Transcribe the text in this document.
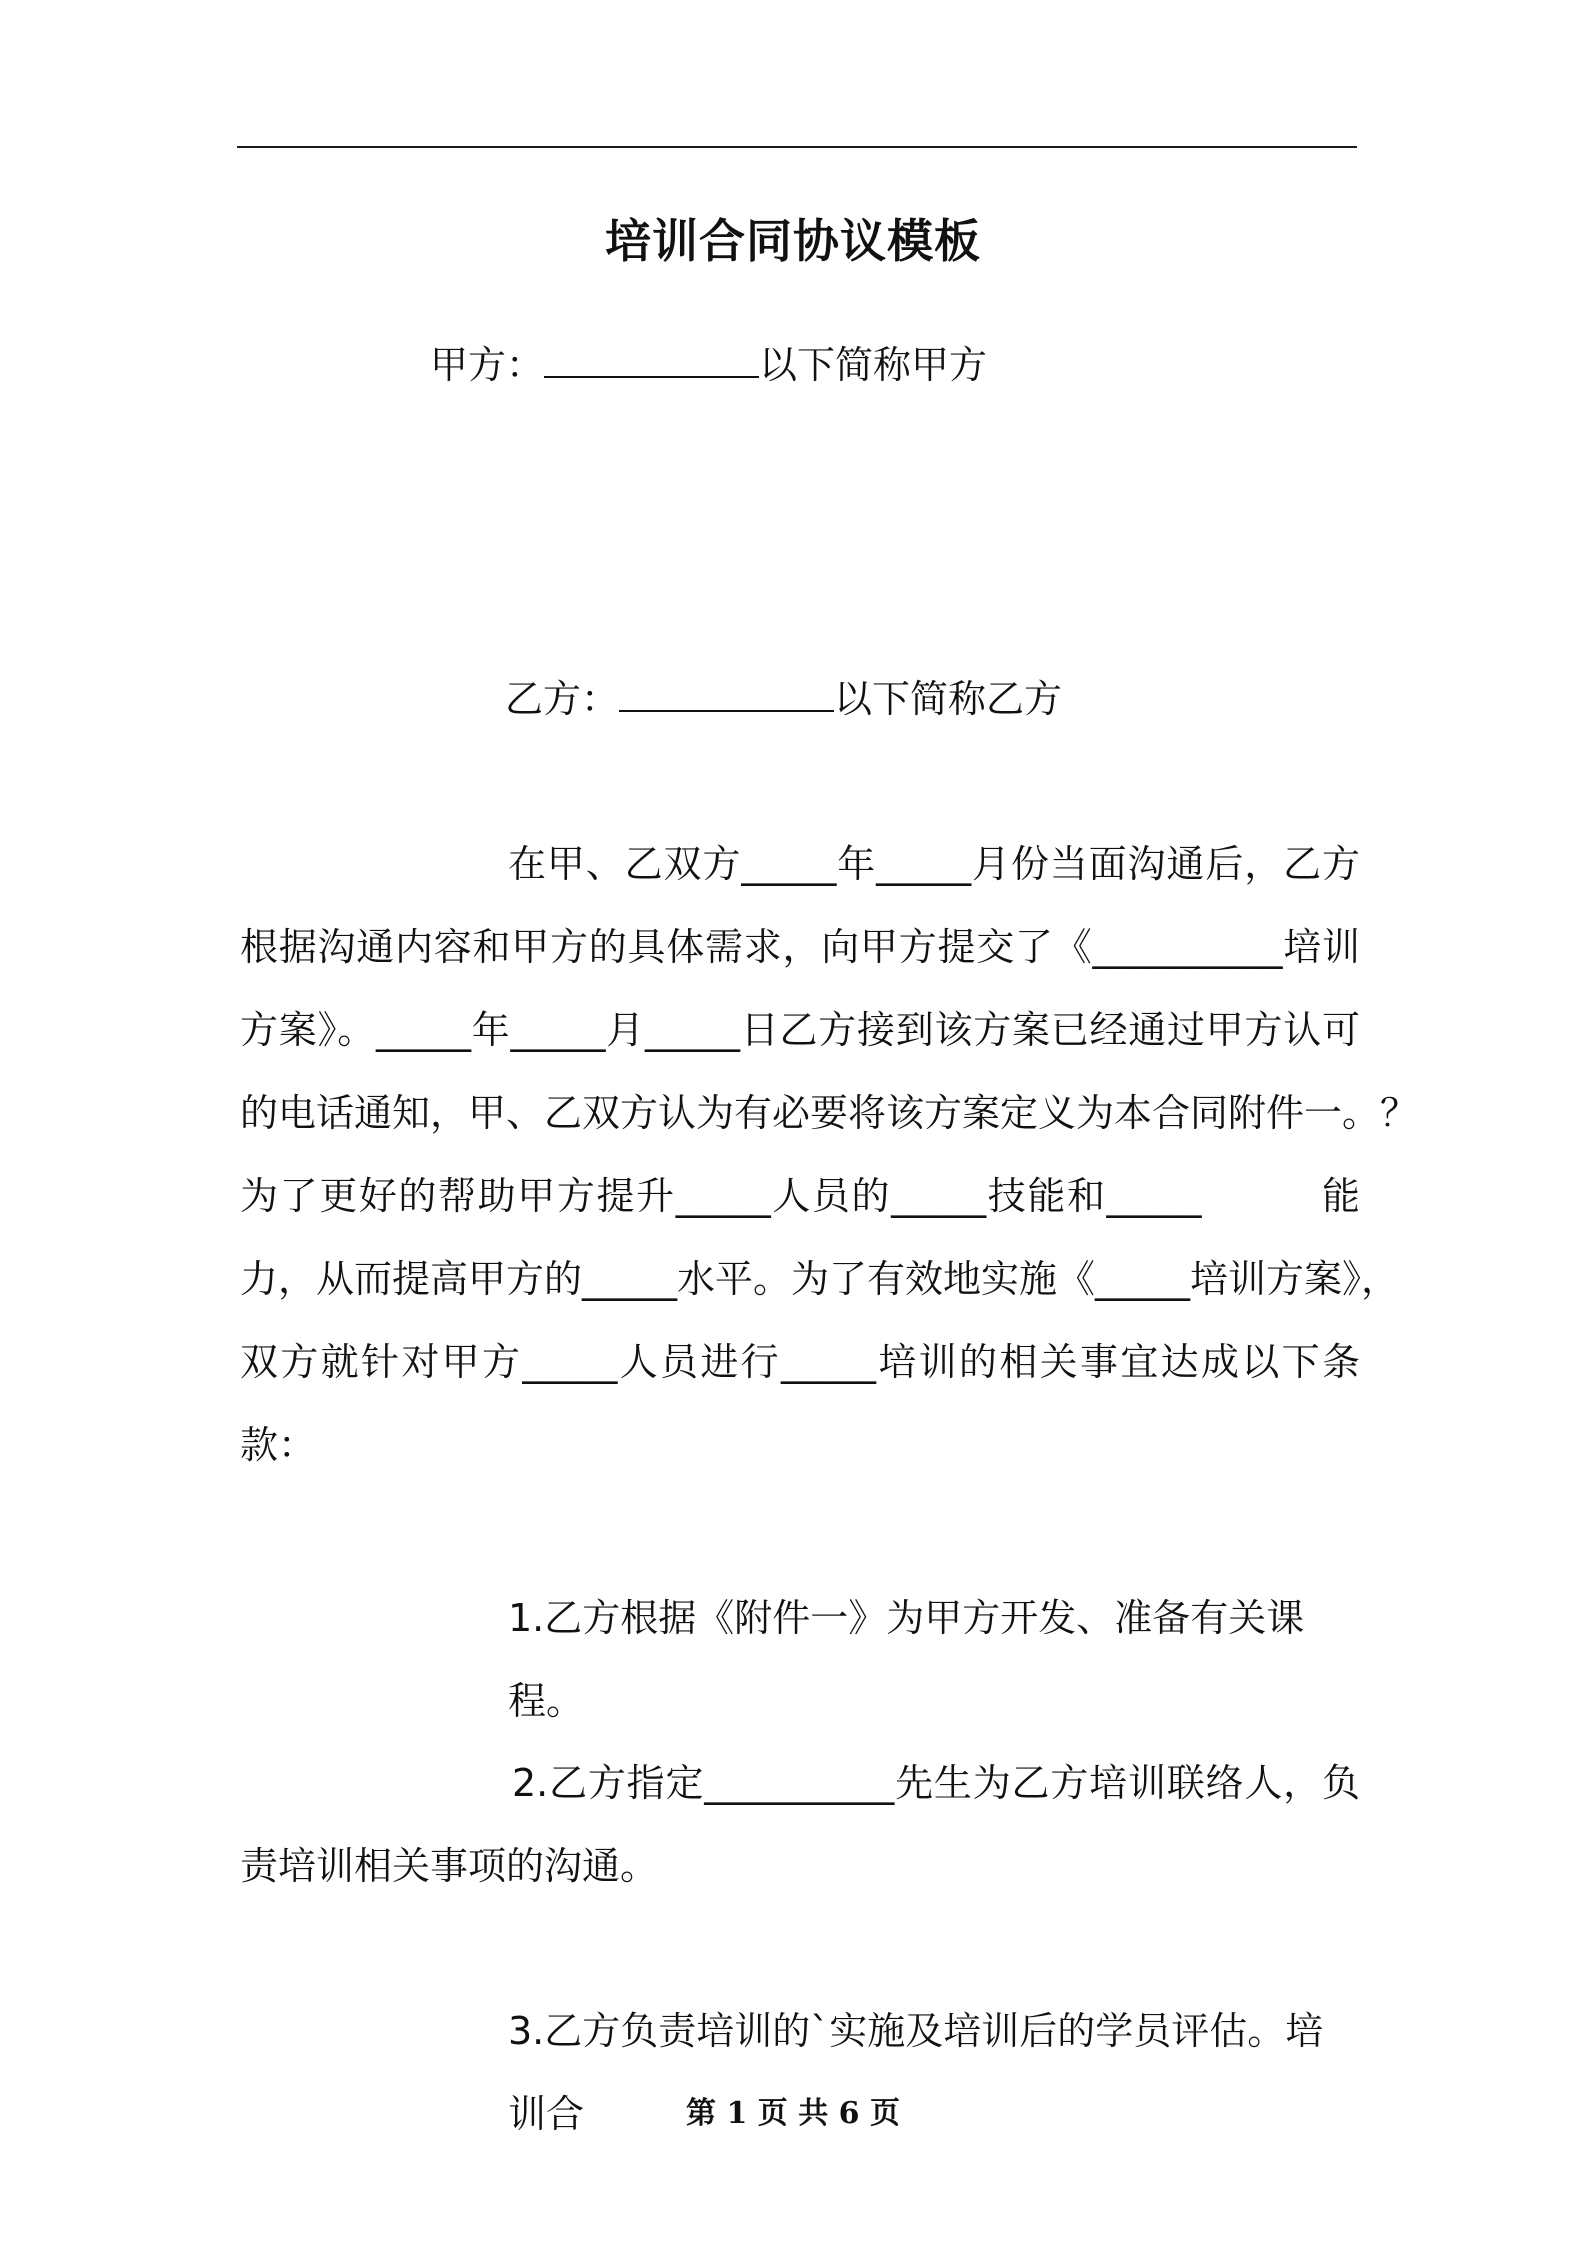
培训合同协议模板
甲方：	以下简称甲方
乙方：	以下简称乙方
在甲、乙双方_____年_____月份当面沟通后，乙方
根据沟通内容和甲方的具体需求，向甲方提交了《__________培训
方案》。_____年_____月_____日乙方接到该方案已经通过甲方认可
的电话通知，甲、乙双方认为有必要将该方案定义为本合同附件一。？
为了更好的帮助甲方提升_____人员的_____技能和_____　　　能
力，从而提高甲方的_____水平。为了有效地实施《_____培训方案》，
双方就针对甲方_____人员进行_____培训的相关事宜达成以下条
款：
1.乙方根据《附件一》为甲方开发、准备有关课程。
2.乙方指定__________先生为乙方培训联络人，负
责培训相关事项的沟通。
3.乙方负责培训的`实施及培训后的学员评估。培训合	第 1 页 共 6 页
